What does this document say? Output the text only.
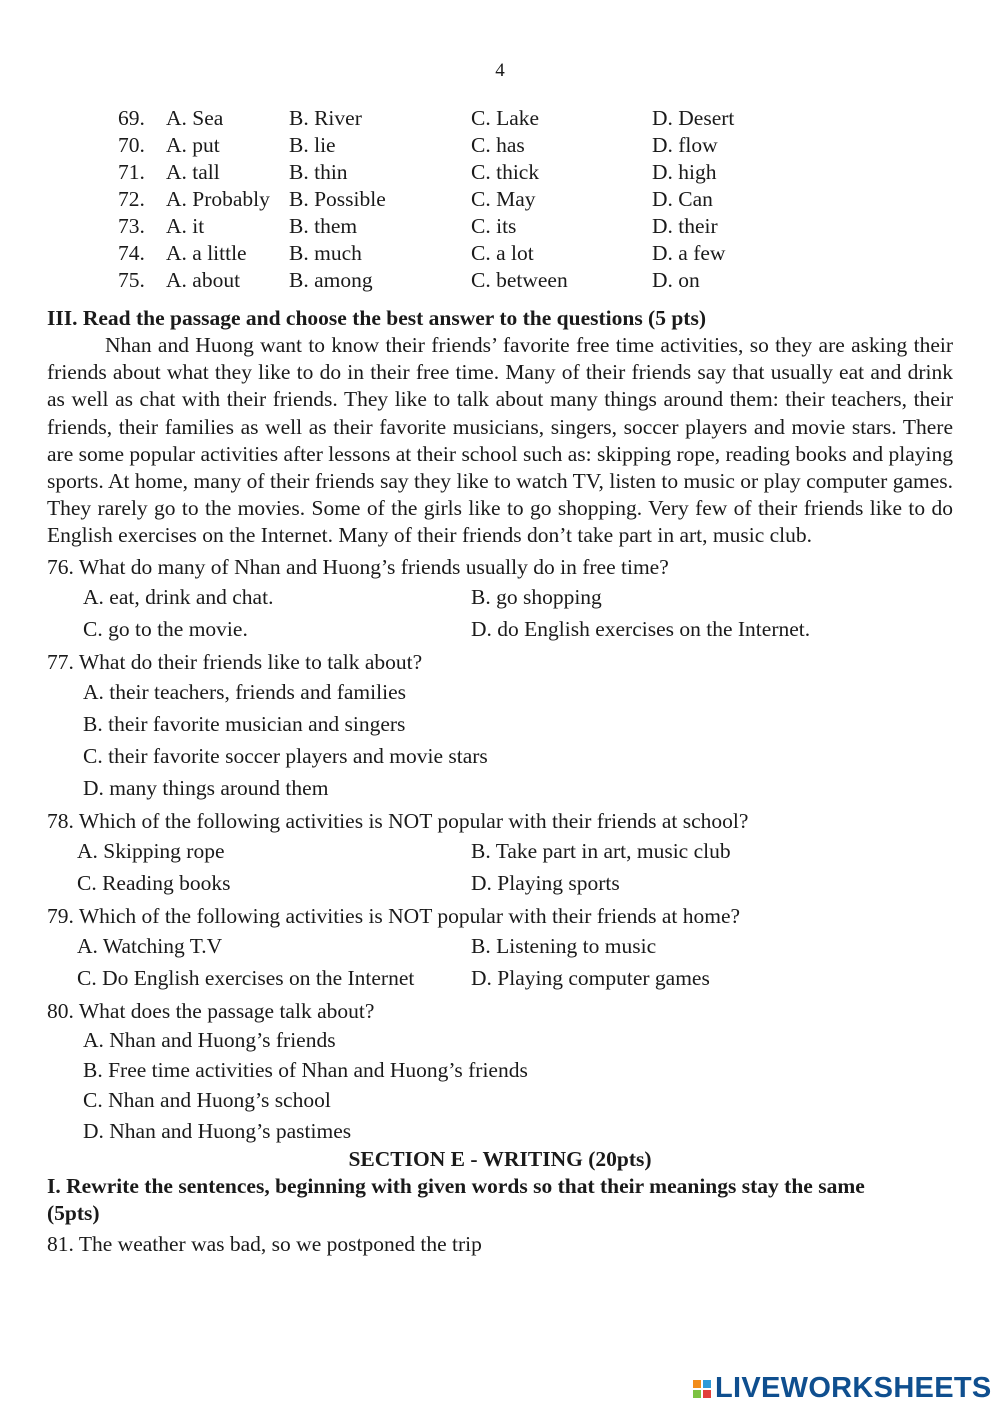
4
69. A. Sea	B. River	C. Lake	D. Desert
70. A. put	B. lie	C. has	D. flow
71. A. tall	B. thin	C. thick	D. high
72. A. Probably B. Possible	C. May	D. Can
73. A. it	B. them	C. its	D. their
74. A. a little B. much	C. a lot	D. a few
75. A. about B. among	C. between	D. on
III. Read the passage and choose the best answer to the questions (5 pts)

Nhan and Huong want to know their friends’ favorite free time activities, so they are asking their friends about what they like to do in their free time. Many of their friends say that usually eat and drink as well as chat with their friends. They like to talk about many things around them: their teachers, their friends, their families as well as their favorite musicians, singers, soccer players and movie stars. There are some popular activities after lessons at their school such as: skipping rope, reading books and playing sports. At home, many of their friends say they like to watch TV, listen to music or play computer games. They rarely go to the movies. Some of the girls like to go shopping. Very few of their friends like to do English exercises on the Internet. Many of their friends don’t take part in art, music club.

76. What do many of Nhan and Huong’s friends usually do in free time?
A. eat, drink and chat.	B. go shopping
C. go to the movie.	D. do English exercises on the Internet.
77. What do their friends like to talk about?
A. their teachers, friends and families
B. their favorite musician and singers
C. their favorite soccer players and movie stars
D. many things around them
78. Which of the following activities is NOT popular with their friends at school?
A. Skipping rope	B. Take part in art, music club
C. Reading books	D. Playing sports
79. Which of the following activities is NOT popular with their friends at home?
A. Watching T.V	B. Listening to music
C. Do English exercises on the Internet	D. Playing computer games
80. What does the passage talk about?
A. Nhan and Huong’s friends
B. Free time activities of Nhan and Huong’s friends
C. Nhan and Huong’s school
D. Nhan and Huong’s pastimes
SECTION E - WRITING (20pts)
I. Rewrite the sentences, beginning with given words so that their meanings stay the same
(5pts)
81. The weather was bad, so we postponed the trip
LIVEWORKSHEETS
